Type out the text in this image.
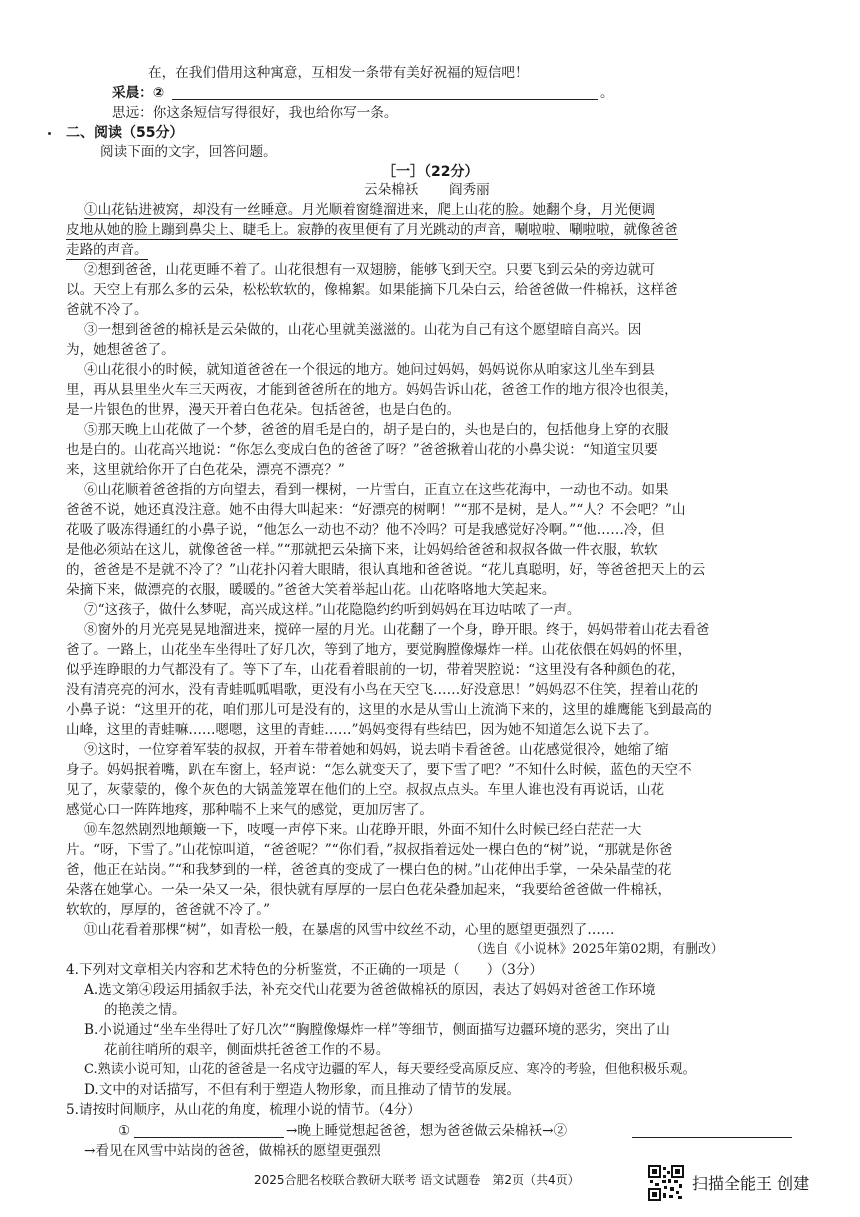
在，在我们借用这种寓意，互相发一条带有美好祝福的短信吧！
采晨：②	。
思远：你这条短信写得很好，我也给你写一条。
二、阅读（55分）
阅读下面的文字，回答问题。
［一］（22分）
云朵棉袄 阎秀丽
①山花钻进被窝，却没有一丝睡意。月光顺着窗缝溜进来，爬上山花的脸。她翻个身，月光便调
皮地从她的脸上蹦到鼻尖上、睫毛上。寂静的夜里便有了月光跳动的声音，唰啦啦、唰啦啦，就像爸爸
走路的声音。
②想到爸爸，山花更睡不着了。山花很想有一双翅膀，能够飞到天空。只要飞到云朵的旁边就可
以。天空上有那么多的云朵，松松软软的，像棉絮。如果能摘下几朵白云，给爸爸做一件棉袄，这样爸
爸就不冷了。
③一想到爸爸的棉袄是云朵做的，山花心里就美滋滋的。山花为自己有这个愿望暗自高兴。因
为，她想爸爸了。
④山花很小的时候，就知道爸爸在一个很远的地方。她问过妈妈，妈妈说你从咱家这儿坐车到县
里，再从县里坐火车三天两夜，才能到爸爸所在的地方。妈妈告诉山花，爸爸工作的地方很冷也很美，
是一片银色的世界，漫天开着白色花朵。包括爸爸，也是白色的。
⑤那天晚上山花做了一个梦，爸爸的眉毛是白的，胡子是白的，头也是白的，包括他身上穿的衣服
也是白的。山花高兴地说：“你怎么变成白色的爸爸了呀？”爸爸揪着山花的小鼻尖说：“知道宝贝要
来，这里就给你开了白色花朵，漂亮不漂亮？”
⑥山花顺着爸爸指的方向望去，看到一棵树，一片雪白，正直立在这些花海中，一动也不动。如果
爸爸不说，她还真没注意。她不由得大叫起来：“好漂亮的树啊！”“那不是树，是人。”“人？不会吧？”山
花吸了吸冻得通红的小鼻子说，“他怎么一动也不动？他不冷吗？可是我感觉好冷啊。”“他……冷，但
是他必须站在这儿，就像爸爸一样。”“那就把云朵摘下来，让妈妈给爸爸和叔叔各做一件衣服，软软
的，爸爸是不是就不冷了？”山花扑闪着大眼睛，很认真地和爸爸说。“花儿真聪明，好，等爸爸把天上的云
朵摘下来，做漂亮的衣服，暖暖的。”爸爸大笑着举起山花。山花咯咯地大笑起来。
⑦“这孩子，做什么梦呢，高兴成这样。”山花隐隐约约听到妈妈在耳边咕哝了一声。
⑧窗外的月光亮晃晃地溜进来，搅碎一屋的月光。山花翻了一个身，睁开眼。终于，妈妈带着山花去看爸
爸了。一路上，山花坐车坐得吐了好几次，等到了地方，要觉胸膛像爆炸一样。山花依偎在妈妈的怀里，
似乎连睁眼的力气都没有了。等下了车，山花看着眼前的一切，带着哭腔说：“这里没有各种颜色的花，
没有清亮亮的河水，没有青蛙呱呱唱歌，更没有小鸟在天空飞……好没意思！”妈妈忍不住笑，捏着山花的
小鼻子说：“这里开的花，咱们那儿可是没有的，这里的水是从雪山上流淌下来的，这里的雄鹰能飞到最高的
山峰，这里的青蛙嘛……嗯嗯，这里的青蛙……”妈妈变得有些结巴，因为她不知道怎么说下去了。
⑨这时，一位穿着军装的叔叔，开着车带着她和妈妈，说去哨卡看爸爸。山花感觉很冷，她缩了缩
身子。妈妈抿着嘴，趴在车窗上，轻声说：“怎么就变天了，要下雪了吧？”不知什么时候，蓝色的天空不
见了，灰蒙蒙的，像个灰色的大锅盖笼罩在他们的上空。叔叔点点头。车里人谁也没有再说话，山花
感觉心口一阵阵地疼，那种喘不上来气的感觉，更加厉害了。
⑩车忽然剧烈地颠簸一下，吱嘎一声停下来。山花睁开眼，外面不知什么时候已经白茫茫一大
片。“呀，下雪了。”山花惊叫道，“爸爸呢？”“你们看，”叔叔指着远处一棵白色的“树”说，“那就是你爸
爸，他正在站岗。”“和我梦到的一样，爸爸真的变成了一棵白色的树。”山花伸出手掌，一朵朵晶莹的花
朵落在她掌心。一朵一朵又一朵，很快就有厚厚的一层白色花朵叠加起来，“我要给爸爸做一件棉袄，
软软的，厚厚的，爸爸就不冷了。”
⑪山花看着那棵“树”，如青松一般，在暴虐的风雪中纹丝不动，心里的愿望更强烈了……
（选自《小说林》2025年第02期，有删改）
4.下列对文章相关内容和艺术特色的分析鉴赏，不正确的一项是（　　）（3分）
A.选文第④段运用插叙手法，补充交代山花要为爸爸做棉袄的原因，表达了妈妈对爸爸工作环境
的艳羡之情。
B.小说通过“坐车坐得吐了好几次”“胸膛像爆炸一样”等细节，侧面描写边疆环境的恶劣，突出了山
花前往哨所的艰辛，侧面烘托爸爸工作的不易。
C.熟读小说可知，山花的爸爸是一名戍守边疆的军人，每天要经受高原反应、寒冷的考验，但他积极乐观。
D.文中的对话描写，不但有利于塑造人物形象，而且推动了情节的发展。
5.请按时间顺序，从山花的角度，梳理小说的情节。（4分）
①	→晚上睡觉想起爸爸，想为爸爸做云朵棉袄→②
→看见在风雪中站岗的爸爸，做棉袄的愿望更强烈
2025合肥名校联合教研大联考 语文试题卷　第2页（共4页）	扫描全能王 创建
